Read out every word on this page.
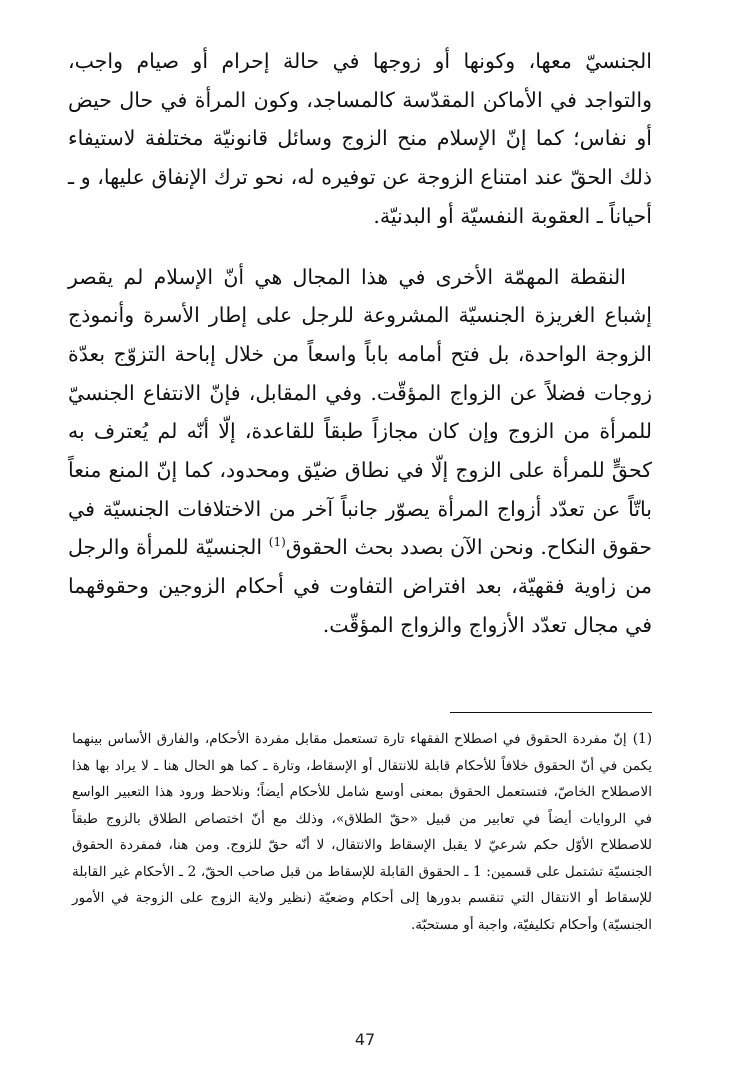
الجنسيّ معها، وكونها أو زوجها في حالة إحرام أو صيام واجب، والتواجد في الأماكن المقدّسة كالمساجد، وكون المرأة في حال حيض أو نفاس؛ كما إنّ الإسلام منح الزوج وسائل قانونيّة مختلفة لاستيفاء ذلك الحقّ عند امتناع الزوجة عن توفيره له، نحو ترك الإنفاق عليها، و ـ أحياناً ـ العقوبة النفسيّة أو البدنيّة.

النقطة المهمّة الأخرى في هذا المجال هي أنّ الإسلام لم يقصر إشباع الغريزة الجنسيّة المشروعة للرجل على إطار الأسرة وأنموذج الزوجة الواحدة، بل فتح أمامه باباً واسعاً من خلال إباحة التزوّج بعدّة زوجات فضلاً عن الزواج المؤقّت. وفي المقابل، فإنّ الانتفاع الجنسيّ للمرأة من الزوج وإن كان مجازاً طبقاً للقاعدة، إلّا أنّه لم يُعترف به كحقٍّ للمرأة على الزوج إلّا في نطاق ضيّق ومحدود، كما إنّ المنع منعاً باتّاً عن تعدّد أزواج المرأة يصوّر جانباً آخر من الاختلافات الجنسيّة في حقوق النكاح. ونحن الآن بصدد بحث الحقوق$^{(1)}$ الجنسيّة للمرأة والرجل من زاوية فقهيّة، بعد افتراض التفاوت في أحكام الزوجين وحقوقهما في مجال تعدّد الأزواج والزواج المؤقّت.

(1)إنّ مفردة الحقوق في اصطلاح الفقهاء تارة تستعمل مقابل مفردة الأحكام، والفارق الأساس بينهما يكمن في أنّ الحقوق خلافاً للأحكام قابلة للانتقال أو الإسقاط، وتارة ـ كما هو الحال هنا ـ لا يراد بها هذا الاصطلاح الخاصّ، فتستعمل الحقوق بمعنى أوسع شامل للأحكام أيضاً؛ ونلاحظ ورود هذا التعبير الواسع في الروايات أيضاً في تعابير من قبيل «حقّ الطلاق»، وذلك مع أنّ اختصاص الطلاق بالزوج طبقاً للاصطلاح الأوّل حكم شرعيّ لا يقبل الإسقاط والانتقال، لا أنّه حقّ للزوج. ومن هنا، فمفردة الحقوق الجنسيّة تشتمل على قسمين: 1 ـ الحقوق القابلة للإسقاط من قبل صاحب الحقّ، 2 ـ الأحكام غير القابلة للإسقاط أو الانتقال التي تنقسم بدورها إلى أحكام وضعيّة (نظير ولاية الزوج على الزوجة في الأمور الجنسيّة) وأحكام تكليفيّة، واجبة أو مستحبّة.

47
